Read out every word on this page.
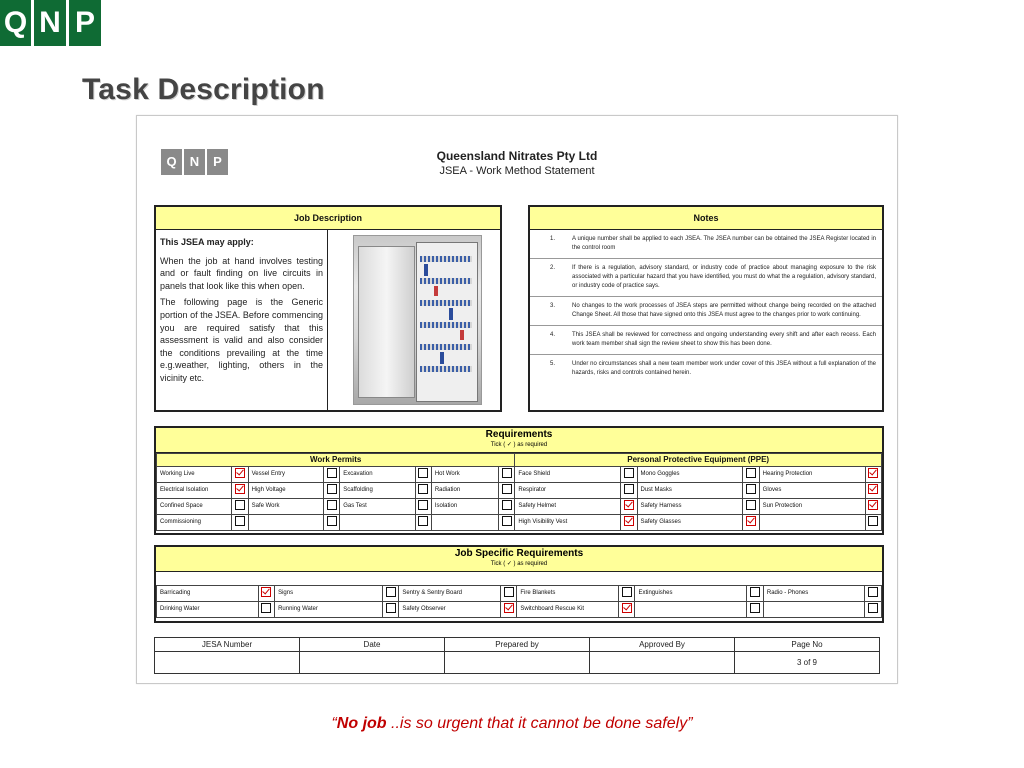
Q N P
Task Description
Q	N	P	Queensland Nitrates Pty Ltd
JSEA - Work Method Statement
Job Description

This JSEA may apply:

When the job at hand involves testing and or fault finding on live circuits in panels that look like this when open.

The following page is the Generic portion of the JSEA. Before commencing you are required satisfy that this assessment is valid and also consider the conditions prevailing at the time e.g.weather, lighting, others in the vicinity etc.

Notes
1.	A unique number shall be applied to each JSEA. The JSEA number can be obtained the JSEA Register located in the control room
2.	If there is a regulation, advisory standard, or industry code of practice about managing exposure to the risk associated with a particular hazard that you have identified, you must do what the a regulation, advisory standard, or industry code of practice says.
3.	No changes to the work processes of JSEA steps are permitted without change being recorded on the attached Change Sheet. All those that have signed onto this JSEA must agree to the changes prior to work continuing.
4.	This JSEA shall be reviewed for correctness and ongoing understanding every shift and after each recess. Each work team member shall sign the review sheet to show this has been done.
5.	Under no circumstances shall a new team member work under cover of this JSEA without a full explanation of the hazards, risks and controls contained herein.
Requirements
Tick ( ✓ ) as required
Work Permits								Personal Protective Equipment (PPE)					
Working Live		Vessel Entry		Excavation		Hot Work		Face Shield		Mono Goggles		Hearing Protection	
Electrical Isolation		High Voltage		Scaffolding		Radiation		Respirator		Dust Masks		Gloves	
Confined Space		Safe Work		Gas Test		Isolation		Safety Helmet		Safety Harness		Sun Protection	
Commissioning								High Visibility Vest		Safety Glasses			
Job Specific Requirements
Tick ( ✓ ) as required
Barricading		Signs		Sentry & Sentry Board		Fire Blankets		Extinguishes		Radio - Phones	
Drinking Water		Running Water		Safety Observer		Switchboard Rescue Kit					
JESA Number	Date	Prepared by	Approved By	Page No
				3 of 9
“No job ..is so urgent that it cannot be done safely”
